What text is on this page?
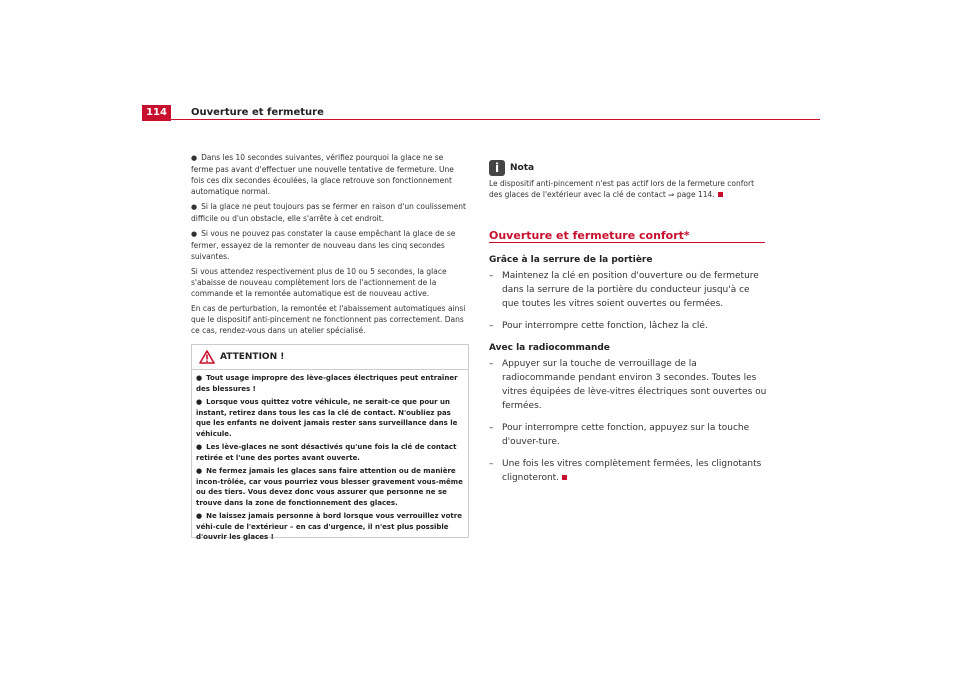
114	Ouverture et fermeture

● Dans les 10 secondes suivantes, vérifiez pourquoi la glace ne se ferme pas avant d'effectuer une nouvelle tentative de fermeture. Une fois ces dix secondes écoulées, la glace retrouve son fonctionnement automatique normal.

● Si la glace ne peut toujours pas se fermer en raison d'un coulissement difficile ou d'un obstacle, elle s'arrête à cet endroit.

● Si vous ne pouvez pas constater la cause empêchant la glace de se fermer, essayez de la remonter de nouveau dans les cinq secondes suivantes.

Si vous attendez respectivement plus de 10 ou 5 secondes, la glace s'abaisse de nouveau complètement lors de l'actionnement de la commande et la remontée automatique est de nouveau active.

En cas de perturbation, la remontée et l'abaissement automatiques ainsi que le dispositif anti-pincement ne fonctionnent pas correctement. Dans ce cas, rendez-vous dans un atelier spécialisé.

ATTENTION !

● Tout usage impropre des lève-glaces électriques peut entraîner des blessures !

● Lorsque vous quittez votre véhicule, ne serait-ce que pour un instant, retirez dans tous les cas la clé de contact. N'oubliez pas que les enfants ne doivent jamais rester sans surveillance dans le véhicule.

● Les lève-glaces ne sont désactivés qu'une fois la clé de contact retirée et l'une des portes avant ouverte.

● Ne fermez jamais les glaces sans faire attention ou de manière incon-trôlée, car vous pourriez vous blesser gravement vous-même ou des tiers. Vous devez donc vous assurer que personne ne se trouve dans la zone de fonctionnement des glaces.

● Ne laissez jamais personne à bord lorsque vous verrouillez votre véhi-cule de l'extérieur – en cas d'urgence, il n'est plus possible d'ouvrir les glaces !

i	Nota

Le dispositif anti-pincement n'est pas actif lors de la fermeture confort des glaces de l'extérieur avec la clé de contact ⇒ page 114.

Ouverture et fermeture confort*

Grâce à la serrure de la portière

– Maintenez la clé en position d'ouverture ou de fermeture dans la serrure de la portière du conducteur jusqu'à ce que toutes les vitres soient ouvertes ou fermées.

– Pour interrompre cette fonction, lâchez la clé.

Avec la radiocommande

– Appuyer sur la touche de verrouillage de la radiocommande pendant environ 3 secondes. Toutes les vitres équipées de lève-vitres électriques sont ouvertes ou fermées.

– Pour interrompre cette fonction, appuyez sur la touche d'ouver-ture.

– Une fois les vitres complètement fermées, les clignotants clignoteront.
